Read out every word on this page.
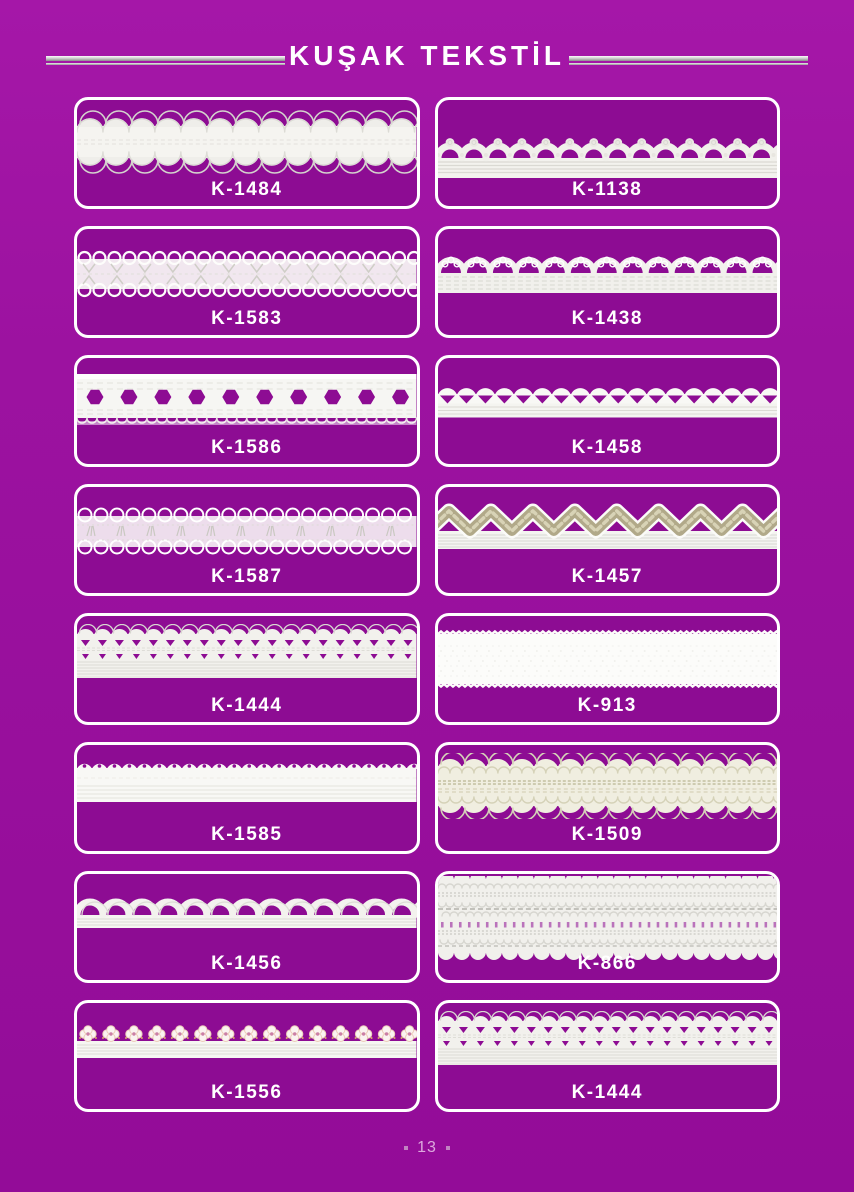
KUŞAK TEKSTİL
K-1484
K-1583
K-1586
K-1587
K-1444
K-1585
K-1456
K-1556
K-1138
K-1438
K-1458
K-1457
K-913
K-1509
K-866
K-1444
13
